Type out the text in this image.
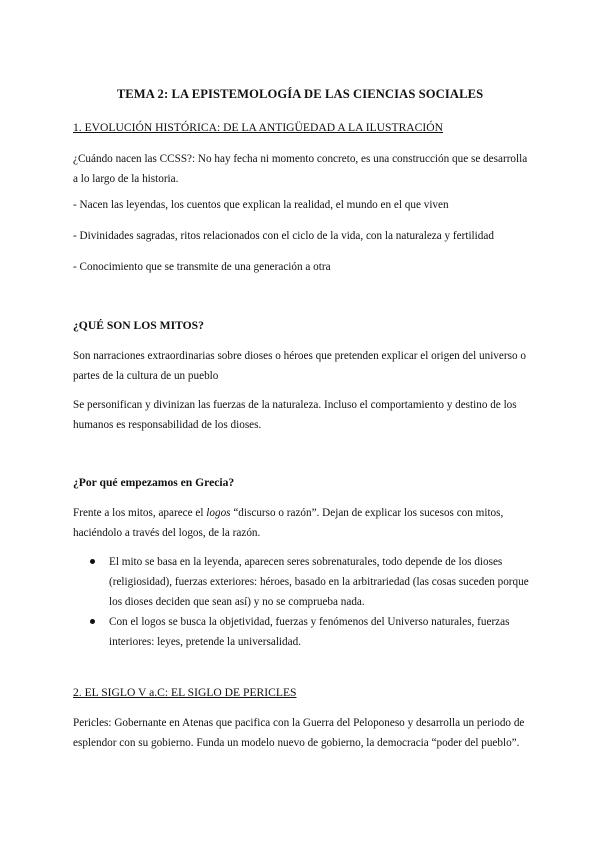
TEMA 2: LA EPISTEMOLOGÍA DE LAS CIENCIAS SOCIALES
1. EVOLUCIÓN HISTÓRICA: DE LA ANTIGÜEDAD A LA ILUSTRACIÓN

¿Cuándo nacen las CCSS?: No hay fecha ni momento concreto, es una construcción que se desarrolla a lo largo de la historia.

- Nacen las leyendas, los cuentos que explican la realidad, el mundo en el que viven

- Divinidades sagradas, ritos relacionados con el ciclo de la vida, con la naturaleza y fertilidad

- Conocimiento que se transmite de una generación a otra

¿QUÉ SON LOS MITOS?

Son narraciones extraordinarias sobre dioses o héroes que pretenden explicar el origen del universo o partes de la cultura de un pueblo

Se personifican y divinizan las fuerzas de la naturaleza. Incluso el comportamiento y destino de los humanos es responsabilidad de los dioses.

¿Por qué empezamos en Grecia?

Frente a los mitos, aparece el logos “discurso o razón”. Dejan de explicar los sucesos con mitos, haciéndolo a través del logos, de la razón.

El mito se basa en la leyenda, aparecen seres sobrenaturales, todo depende de los dioses (religiosidad), fuerzas exteriores: héroes, basado en la arbitrariedad (las cosas suceden porque los dioses deciden que sean así) y no se comprueba nada.
Con el logos se busca la objetividad, fuerzas y fenómenos del Universo naturales, fuerzas interiores: leyes, pretende la universalidad.
2. EL SIGLO V a.C: EL SIGLO DE PERICLES

Pericles: Gobernante en Atenas que pacifica con la Guerra del Peloponeso y desarrolla un periodo de esplendor con su gobierno. Funda un modelo nuevo de gobierno, la democracia “poder del pueblo”.
